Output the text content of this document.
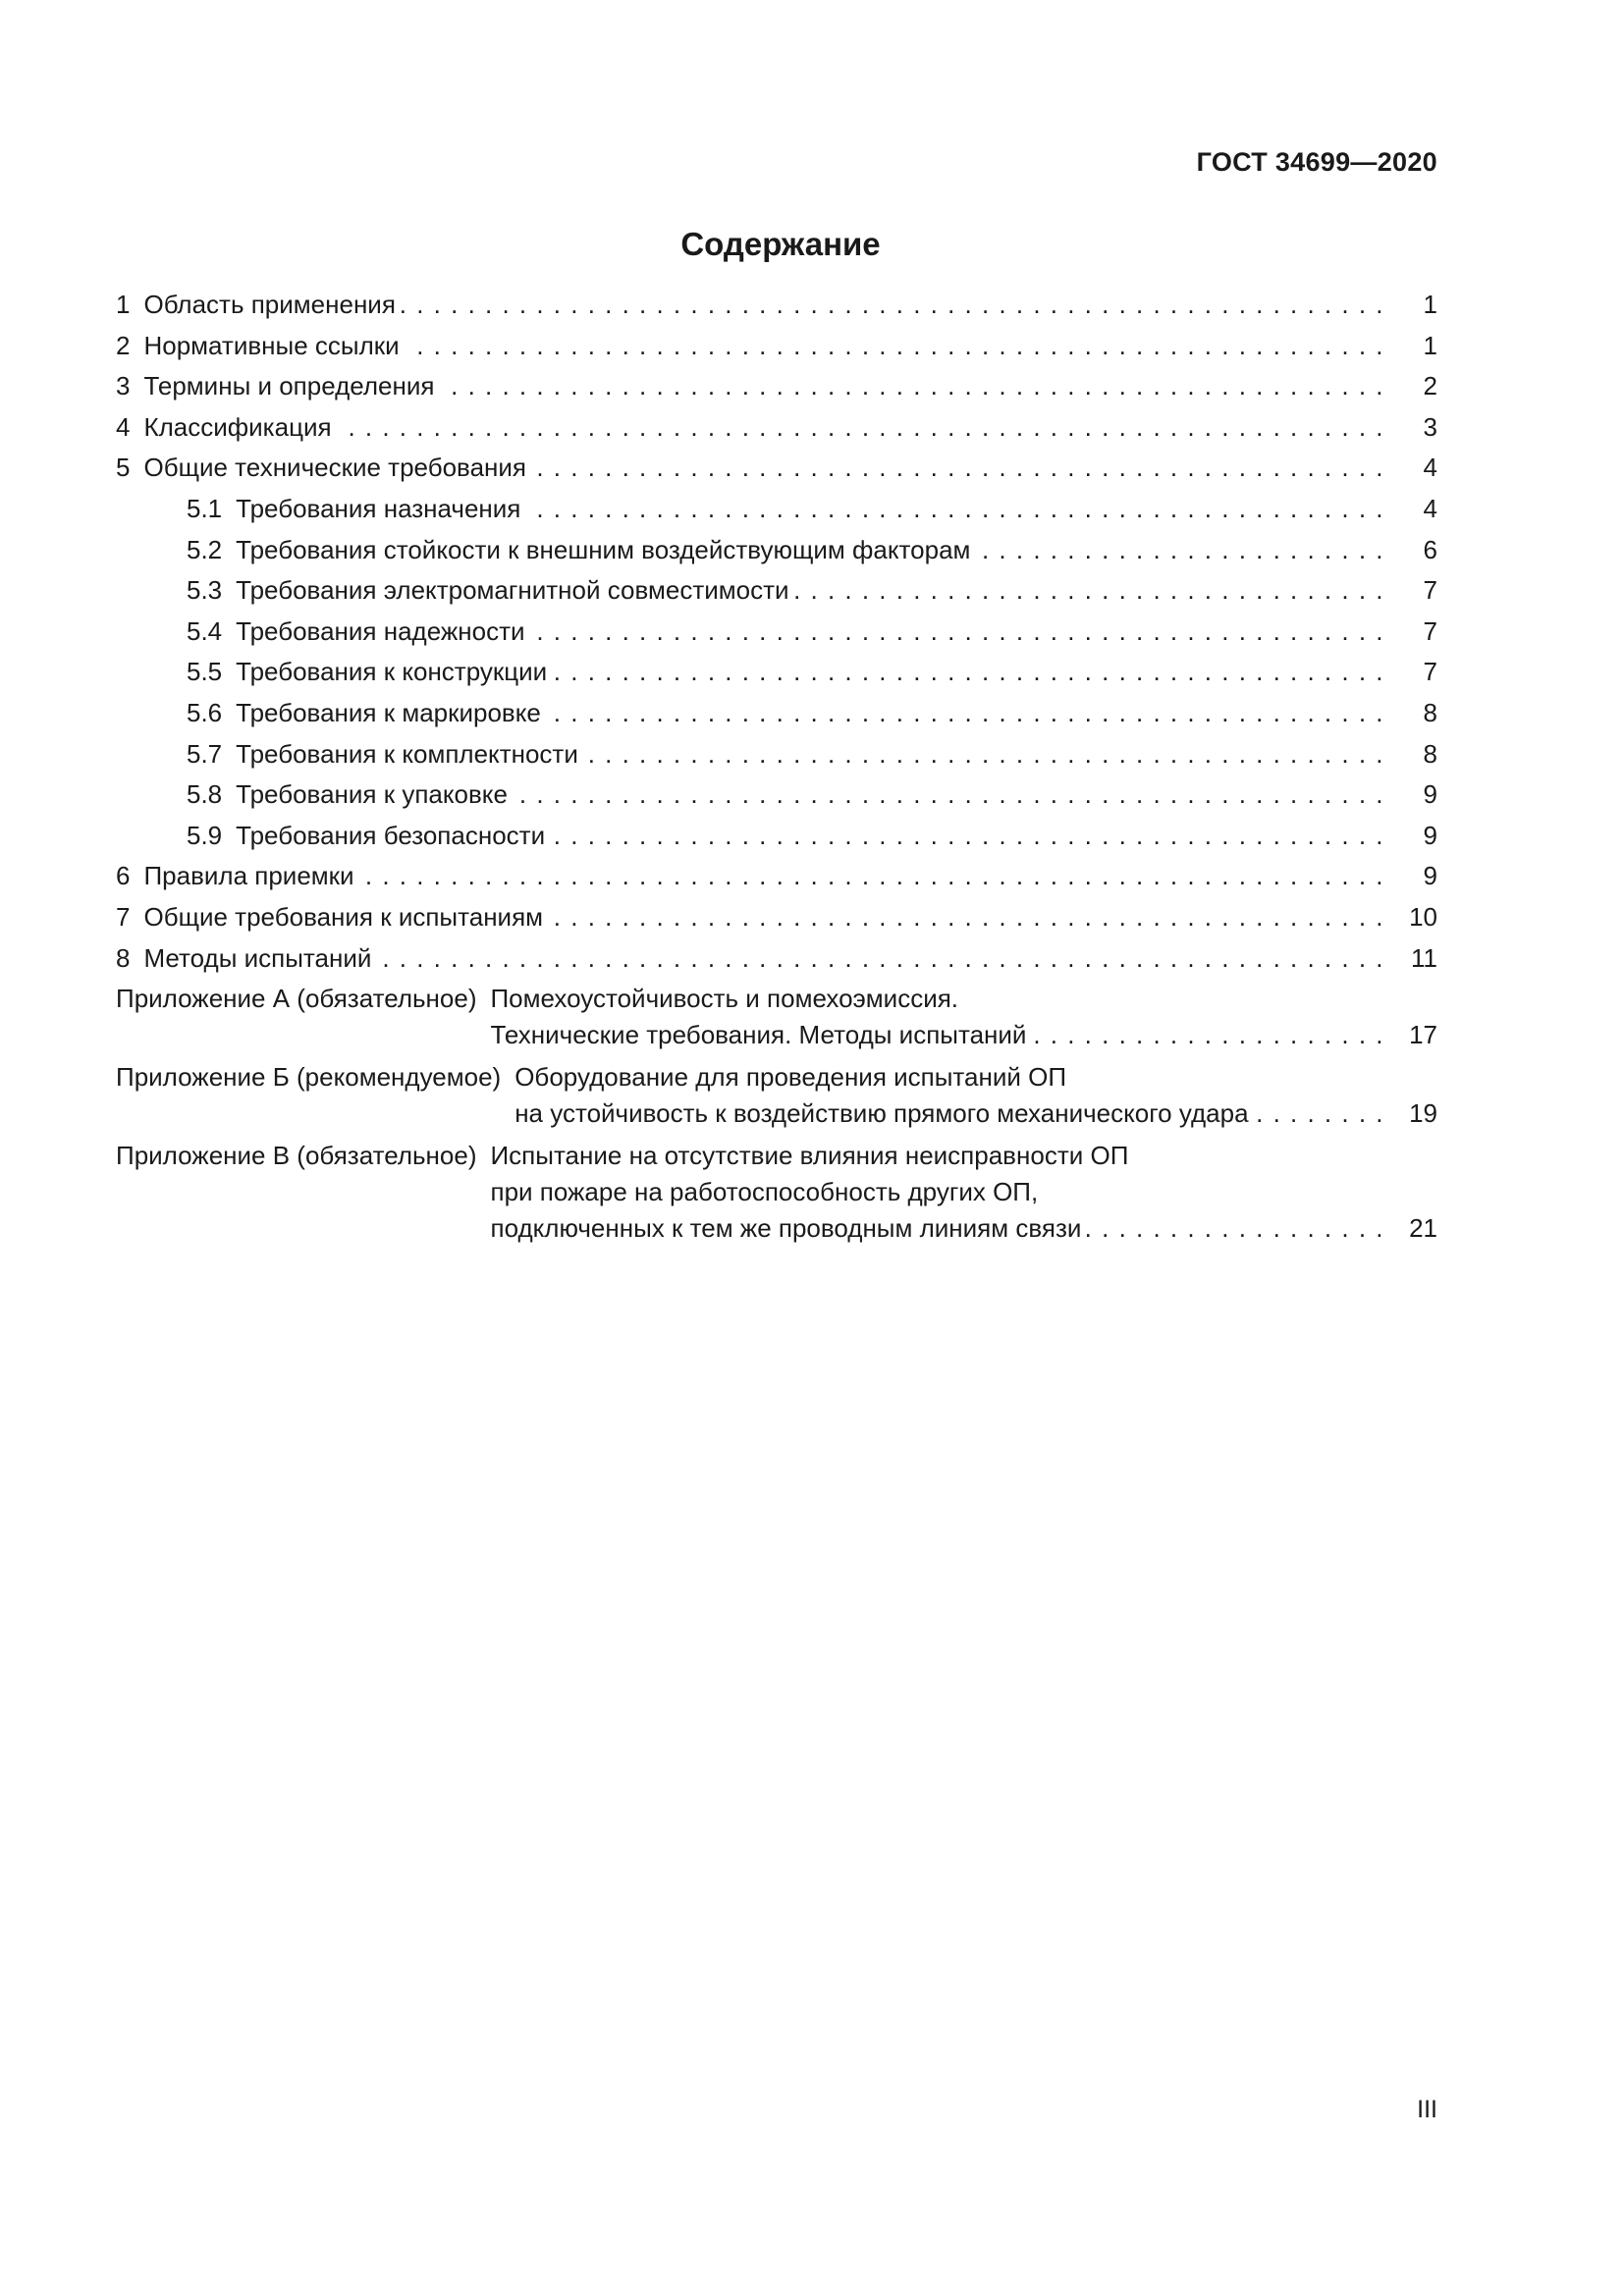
ГОСТ 34699—2020
Содержание
1 Область применения . . .	1
2 Нормативные ссылки . . .	1
3 Термины и определения . . .	2
4 Классификация . . .	3
5 Общие технические требования . . .	4
5.1 Требования назначения . . .	4
5.2 Требования стойкости к внешним воздействующим факторам . . .	6
5.3 Требования электромагнитной совместимости . . .	7
5.4 Требования надежности . . .	7
5.5 Требования к конструкции . . .	7
5.6 Требования к маркировке . . .	8
5.7 Требования к комплектности . . .	8
5.8 Требования к упаковке . . .	9
5.9 Требования безопасности . . .	9
6 Правила приемки . . .	9
7 Общие требования к испытаниям . . .	10
8 Методы испытаний . . .	11
Приложение А (обязательное) Помехоустойчивость и помехоэмиссия.
Технические требования. Методы испытаний . . .	17
Приложение Б (рекомендуемое) Оборудование для проведения испытаний ОП
на устойчивость к воздействию прямого механического удара . . .	19
Приложение В (обязательное) Испытание на отсутствие влияния неисправности ОП
при пожаре на работоспособность других ОП,
подключенных к тем же проводным линиям связи . . .	21
III
